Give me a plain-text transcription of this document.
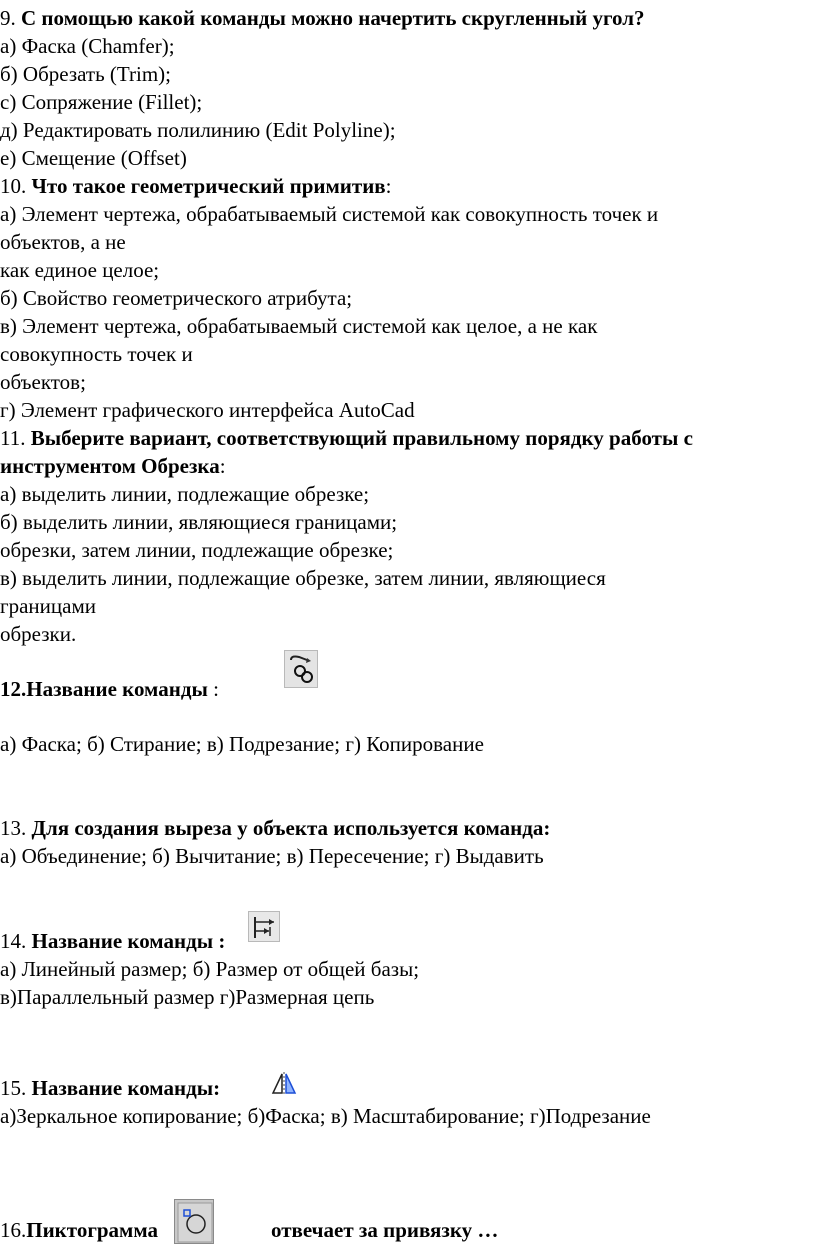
9. С помощью какой команды можно начертить скругленный угол?
а) Фаска (Chamfer);
б) Обрезать (Trim);
с) Сопряжение (Fillet);
д) Редактировать полилинию (Edit Polyline);
е) Смещение (Offset)
10. Что такое геометрический примитив:
а) Элемент чертежа, обрабатываемый системой как совокупность точек и
объектов, а не
как единое целое;
б) Свойство геометрического атрибута;
в) Элемент чертежа, обрабатываемый системой как целое, а не как
совокупность точек и
объектов;
г) Элемент графического интерфейса AutoCad
11. Выберите вариант, соответствующий правильному порядку работы с
инструментом Обрезка:
а) выделить линии, подлежащие обрезке;
б) выделить линии, являющиеся границами;
обрезки, затем линии, подлежащие обрезке;
в) выделить линии, подлежащие обрезке, затем линии, являющиеся
границами
обрезки.
12.Название команды :
а) Фаска; б) Стирание; в) Подрезание; г) Копирование
13. Для создания выреза у объекта используется команда:
а) Объединение; б) Вычитание; в) Пересечение; г) Выдавить
14. Название команды :
а) Линейный размер; б) Размер от общей базы;
в)Параллельный размер г)Размерная цепь
15. Название команды:
а)Зеркальное копирование; б)Фаска; в) Масштабирование; г)Подрезание
16.Пиктограмма	отвечает за привязку …
